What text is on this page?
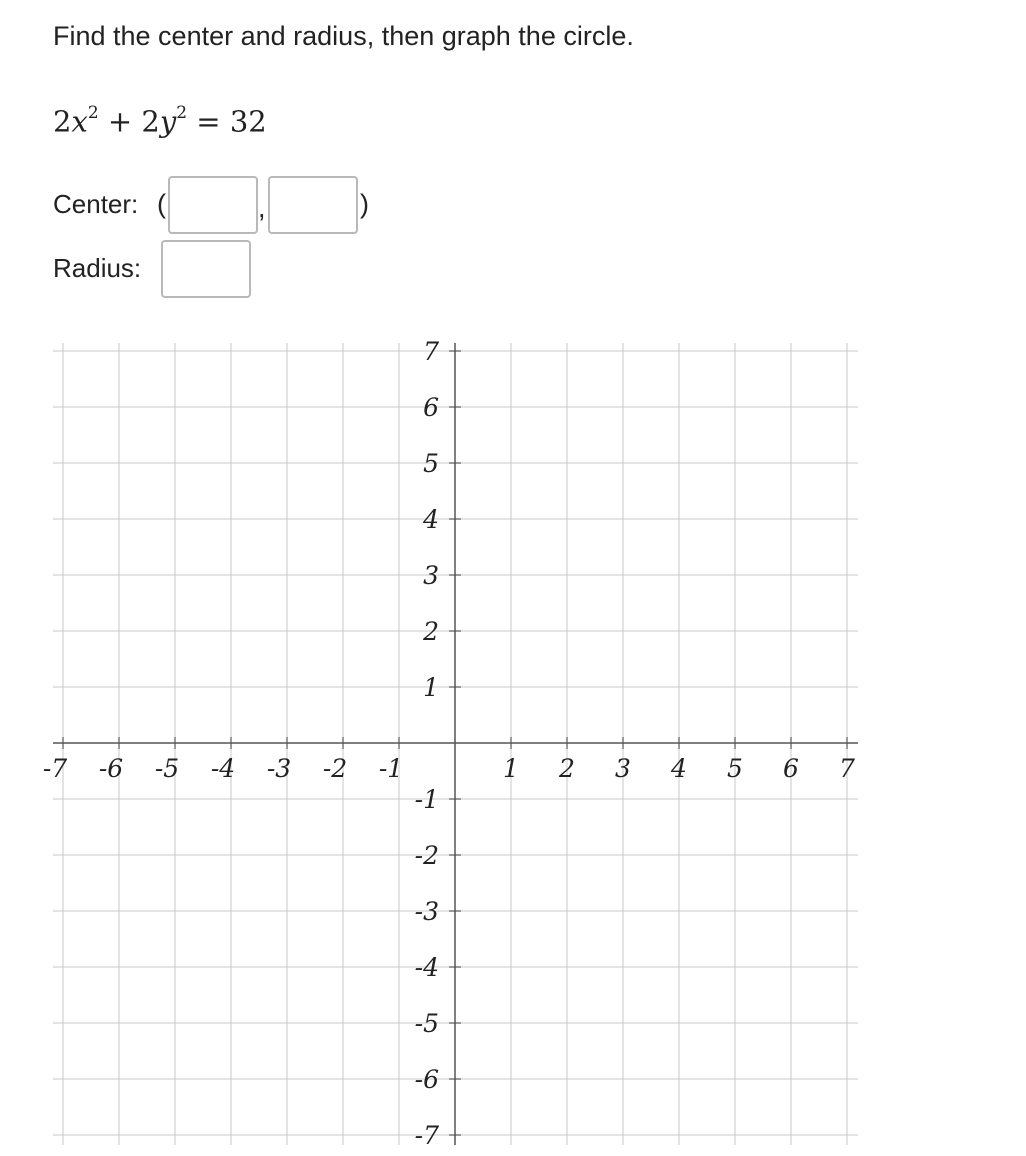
Find the center and radius, then graph the circle.
$2x^2 + 2y^2 = 32$
Center: (	,	)
Radius:
-7 -6 -5 -4 -3 -2 -1	1 2 3 4 5 6 7
7
6
5
4
3
2
1
-1
-2
-3
-4
-5
-6
-7
